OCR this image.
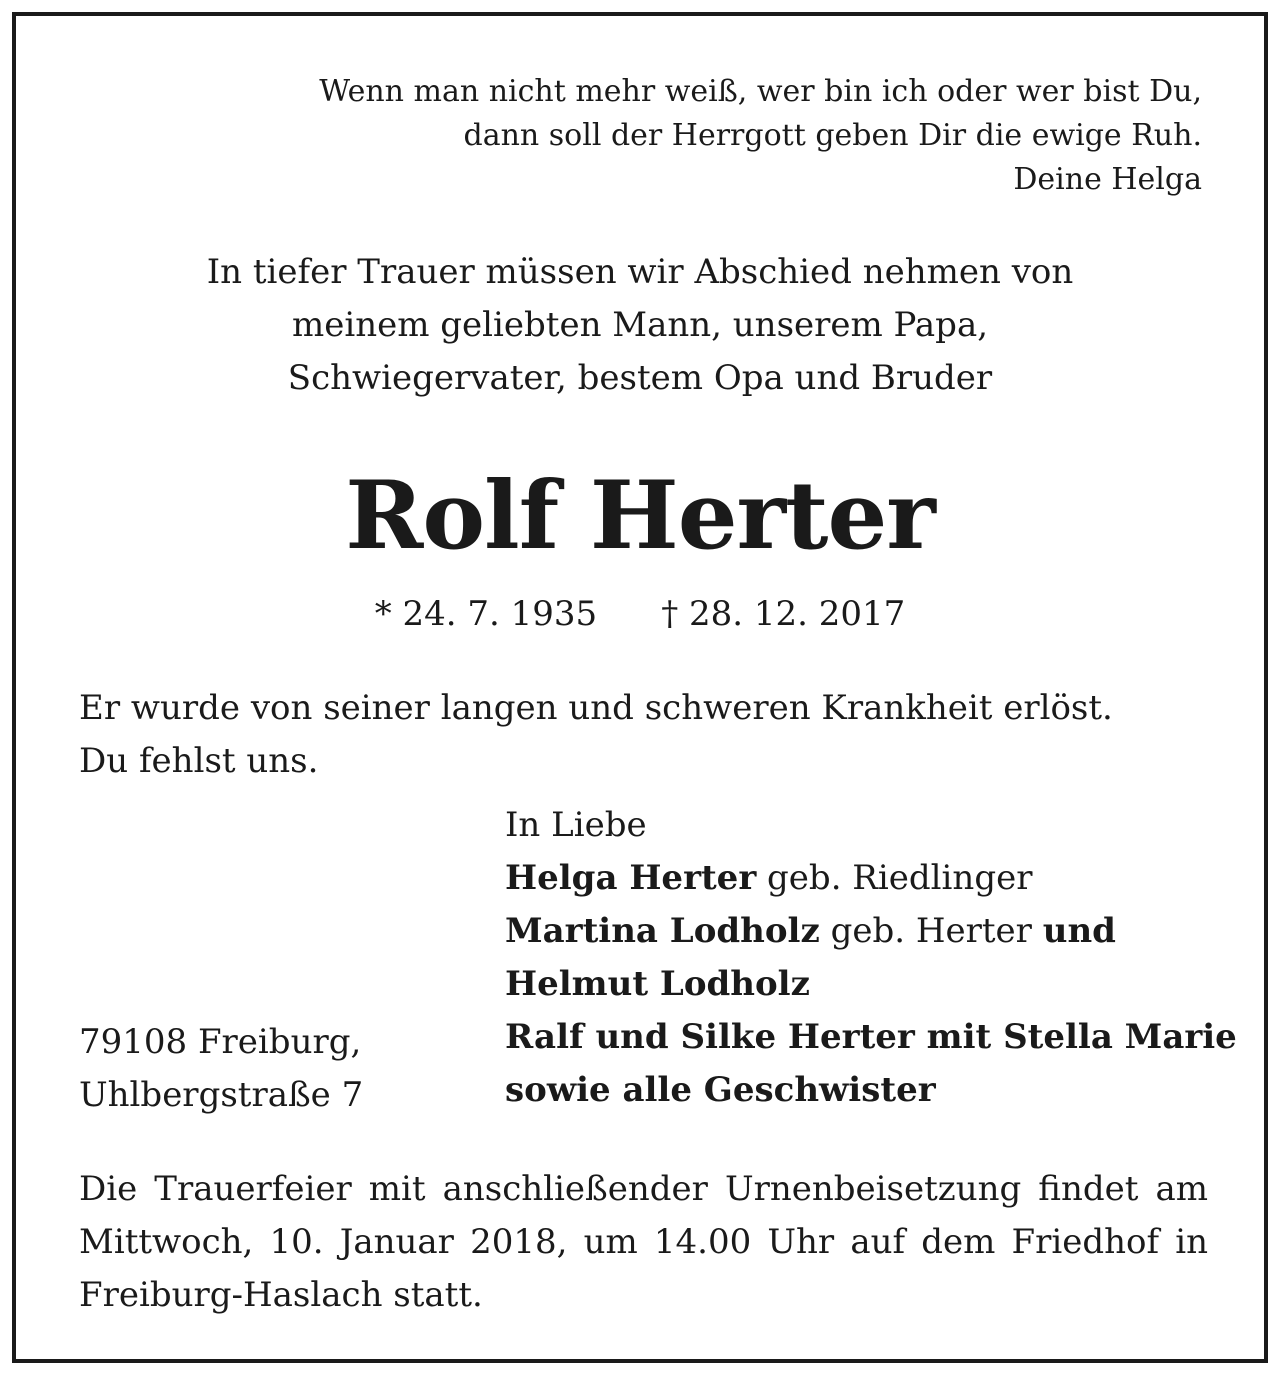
Wenn man nicht mehr weiß, wer bin ich oder wer bist Du,
dann soll der Herrgott geben Dir die ewige Ruh.
Deine Helga
In tiefer Trauer müssen wir Abschied nehmen von
meinem geliebten Mann, unserem Papa,
Schwiegervater, bestem Opa und Bruder
Rolf Herter
* 24. 7. 1935 † 28. 12. 2017
Er wurde von seiner langen und schweren Krankheit erlöst.
Du fehlst uns.
In Liebe
Helga Herter geb. Riedlinger
Martina Lodholz geb. Herter und
Helmut Lodholz
Ralf und Silke Herter mit Stella Marie
sowie alle Geschwister
79108 Freiburg,
Uhlbergstraße 7
Die Trauerfeier mit anschließender Urnenbeisetzung findet am
Mittwoch, 10. Januar 2018, um 14.00 Uhr auf dem Friedhof in
Freiburg-Haslach statt.
